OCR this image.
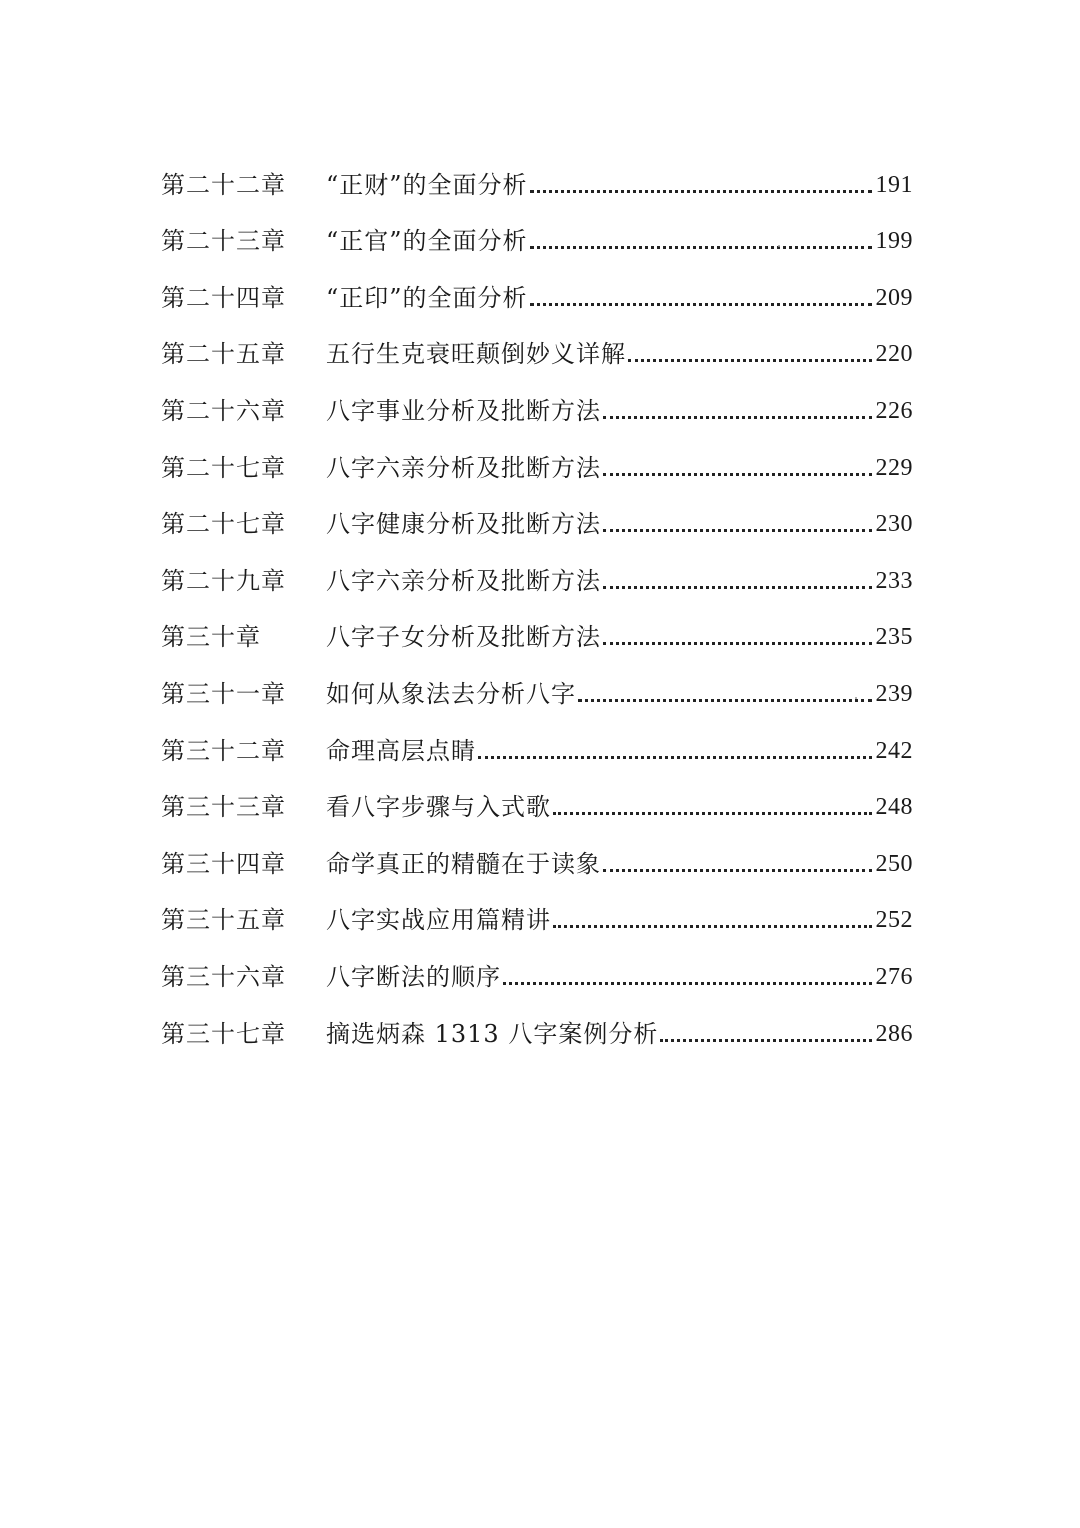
第二十二章	“正财”的全面分析	191
第二十三章	“正官”的全面分析	199
第二十四章	“正印”的全面分析	209
第二十五章	五行生克衰旺颠倒妙义详解	220
第二十六章	八字事业分析及批断方法	226
第二十七章	八字六亲分析及批断方法	229
第二十七章	八字健康分析及批断方法	230
第二十九章	八字六亲分析及批断方法	233
第三十章	八字子女分析及批断方法	235
第三十一章	如何从象法去分析八字	239
第三十二章	命理高层点睛	242
第三十三章	看八字步骤与入式歌	248
第三十四章	命学真正的精髓在于读象	250
第三十五章	八字实战应用篇精讲	252
第三十六章	八字断法的顺序	276
第三十七章	摘选炳森 1313 八字案例分析	286
